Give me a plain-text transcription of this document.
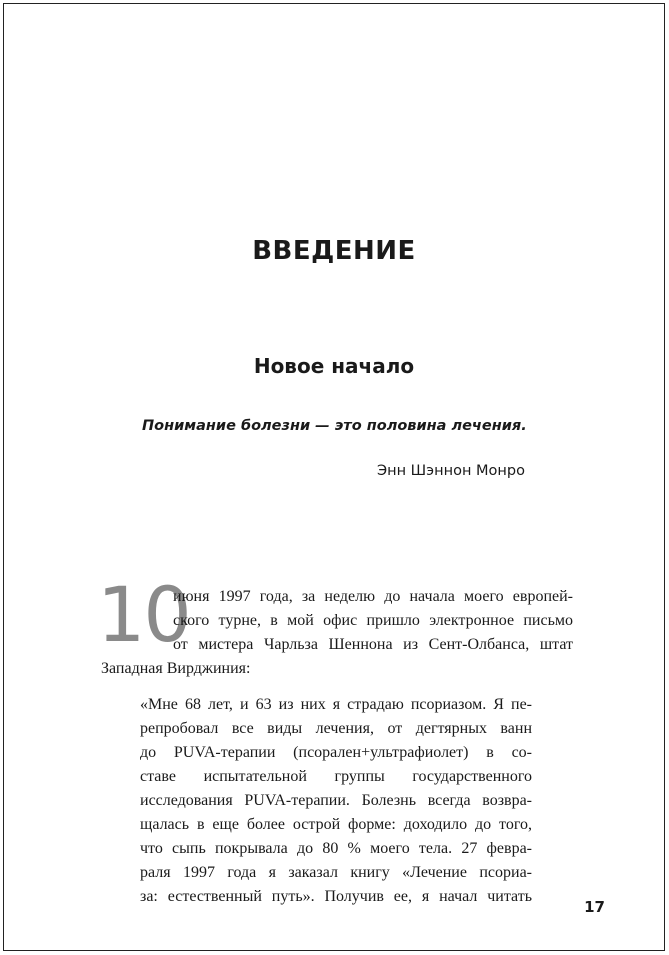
ВВЕДЕНИЕ
Новое начало
Понимание болезни — это половина лечения.
Энн Шэннон Монро
10
июня 1997 года, за неделю до начала моего европей-
ского турне, в мой офис пришло электронное письмо
от мистера Чарльза Шеннона из Сент-Олбанса, штат
Западная Вирджиния:
«Мне 68 лет, и 63 из них я страдаю псориазом. Я пе-
репробовал все виды лечения, от дегтярных ванн
до PUVA-терапии (псорален+ультрафиолет) в со-
ставе испытательной группы государственного
исследования PUVA-терапии. Болезнь всегда возвра-
щалась в еще более острой форме: доходило до того,
что сыпь покрывала до 80 % моего тела. 27 февра-
раля 1997 года я заказал книгу «Лечение псориа-
за: естественный путь». Получив ее, я начал читать
17
